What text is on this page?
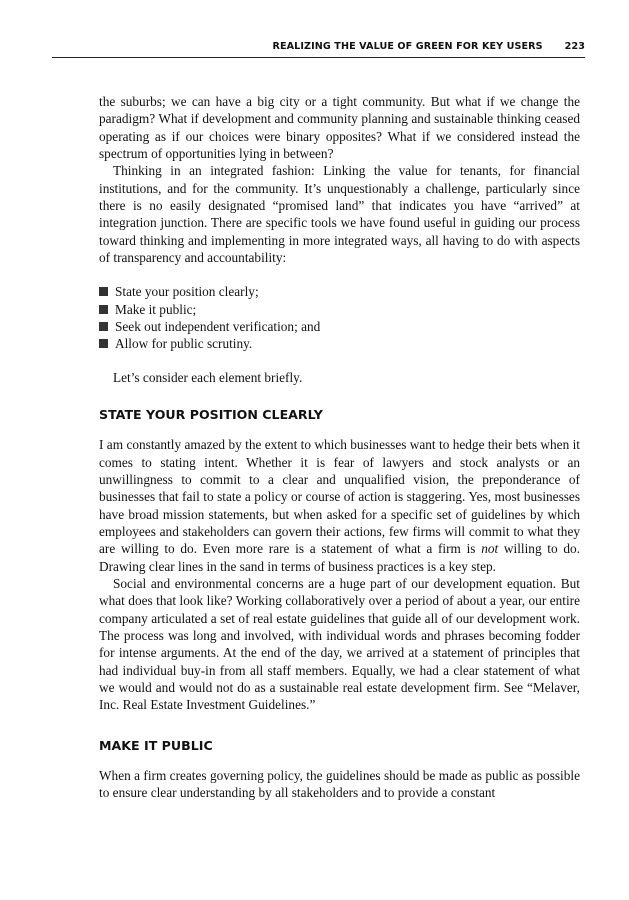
REALIZING THE VALUE OF GREEN FOR KEY USERS 223

the suburbs; we can have a big city or a tight community. But what if we change the paradigm? What if development and community planning and sustainable thinking ceased operating as if our choices were binary opposites? What if we considered instead the spectrum of opportunities lying in between?

Thinking in an integrated fashion: Linking the value for tenants, for financial institutions, and for the community. It’s unquestionably a challenge, particularly since there is no easily designated “promised land” that indicates you have “arrived” at integration junction. There are specific tools we have found useful in guiding our process toward thinking and implementing in more integrated ways, all having to do with aspects of transparency and accountability:

State your position clearly;
Make it public;
Seek out independent verification; and
Allow for public scrutiny.

Let’s consider each element briefly.

STATE YOUR POSITION CLEARLY

I am constantly amazed by the extent to which businesses want to hedge their bets when it comes to stating intent. Whether it is fear of lawyers and stock analysts or an unwillingness to commit to a clear and unqualified vision, the preponderance of businesses that fail to state a policy or course of action is staggering. Yes, most businesses have broad mission statements, but when asked for a specific set of guidelines by which employees and stakeholders can govern their actions, few firms will commit to what they are willing to do. Even more rare is a statement of what a firm is not willing to do. Drawing clear lines in the sand in terms of business practices is a key step.

Social and environmental concerns are a huge part of our development equation. But what does that look like? Working collaboratively over a period of about a year, our entire company articulated a set of real estate guidelines that guide all of our development work. The process was long and involved, with individual words and phrases becoming fodder for intense arguments. At the end of the day, we arrived at a statement of principles that had individual buy-in from all staff members. Equally, we had a clear statement of what we would and would not do as a sustainable real estate development firm. See “Melaver, Inc. Real Estate Investment Guidelines.”

MAKE IT PUBLIC

When a firm creates governing policy, the guidelines should be made as public as possible to ensure clear understanding by all stakeholders and to provide a constant
